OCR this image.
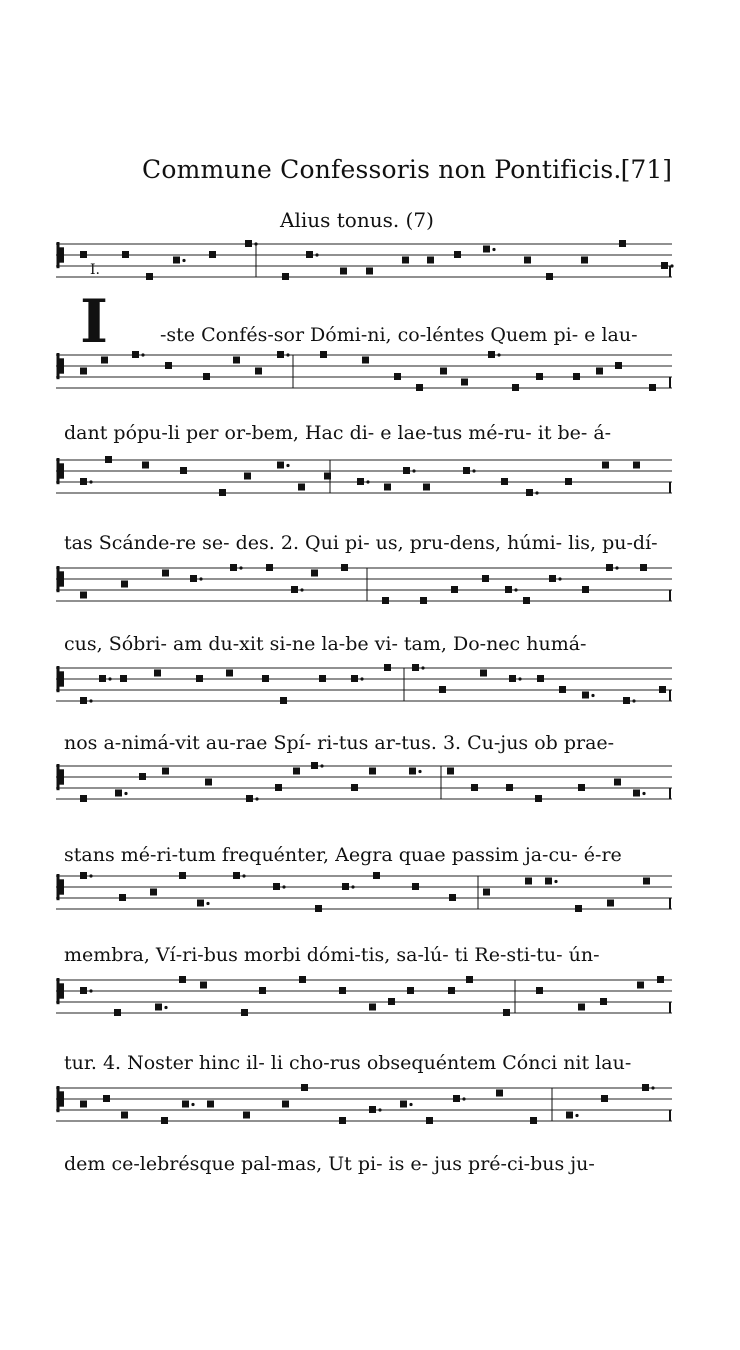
Commune Confessoris non Pontificis. [71]
Alius tonus. (7)
I.
I	-ste Confés-sor Dómi-ni, co-léntes Quem pi- e lau-
dant pópu-li per or-bem, Hac di- e lae-tus mé-ru- it be- á-
tas Scánde-re se- des. 2. Qui pi- us, pru-dens, húmi- lis, pu-dí-
cus, Sóbri- am du-xit si-ne la-be vi- tam, Do-nec humá-
nos a-nimá-vit au-rae Spí- ri-tus ar-tus. 3. Cu-jus ob prae-
stans mé-ri-tum frequénter, Aegra quae passim ja-cu- é-re
membra, Ví-ri-bus morbi dómi-tis, sa-lú- ti Re-sti-tu- ún-
tur. 4. Noster hinc il- li cho-rus obsequéntem Cónci nit lau-
dem ce-lebrésque pal-mas, Ut pi- is e- jus pré-ci-bus ju-
